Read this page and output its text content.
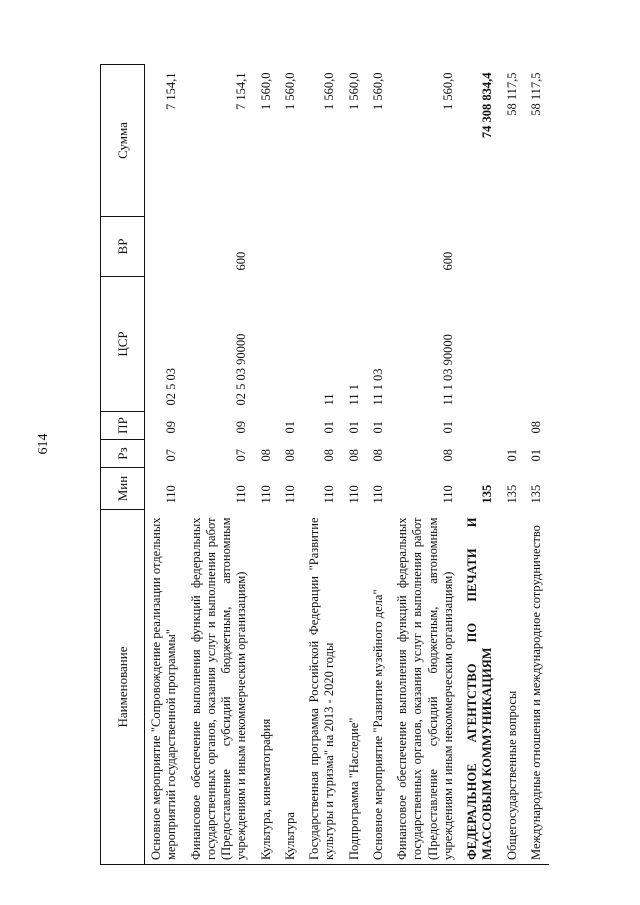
614
Наименование	Мин	Рз	ПР	ЦСР	ВР	Сумма
Основное мероприятие "Сопровождение реализации отдельных мероприятий государственной программы"	110	07	09	02 5 03		7 154,1
Финансовое обеспечение выполнения функций федеральных государственных органов, оказания услуг и выполнения работ (Предоставление субсидий бюджетным, автономным учреждениям и иным некоммерческим организациям)	110	07	09	02 5 03 90000	600	7 154,1
Культура, кинематография	110	08				1 560,0
Культура	110	08	01			1 560,0
Государственная программа Российской Федерации "Развитие культуры и туризма" на 2013 - 2020 годы	110	08	01	11		1 560,0
Подпрограмма "Наследие"	110	08	01	11 1		1 560,0
Основное мероприятие "Развитие музейного дела"	110	08	01	11 1 03		1 560,0
Финансовое обеспечение выполнения функций федеральных государственных органов, оказания услуг и выполнения работ (Предоставление субсидий бюджетным, автономным учреждениям и иным некоммерческим организациям)	110	08	01	11 1 03 90000	600	1 560,0
ФЕДЕРАЛЬНОЕ АГЕНТСТВО ПО ПЕЧАТИ И МАССОВЫМ КОММУНИКАЦИЯМ	135					74 308 834,4
Общегосударственные вопросы	135	01				58 117,5
Международные отношения и международное сотрудничество	135	01	08			58 117,5
